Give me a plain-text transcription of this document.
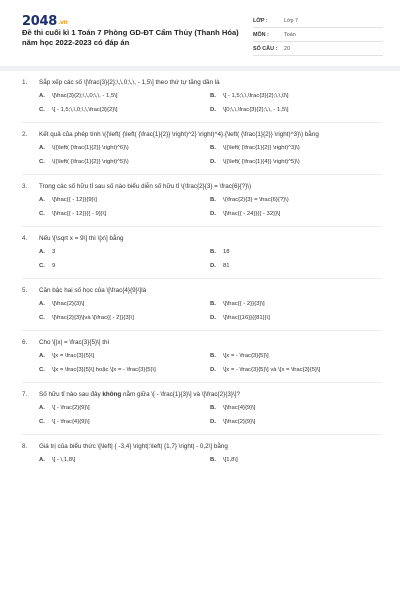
2048.vn
Đề thi cuối kì 1 Toán 7 Phòng GD-ĐT Cẩm Thủy (Thanh Hóa) năm học 2022-2023 có đáp án
LỚP :	Lớp 7
MÔN :	Toán
SỐ CÂU :	20
1.	Sắp xếp các số \[\frac{3}{2};\,\,0;\,\, - 1,5\] theo thứ tự tăng dần là
A.	\[\frac{3}{2};\,\,0;\,\, - 1,5\]	B.	\[ - 1,5;\,\,\frac{3}{2};\,\,0\]
C.	\[ - 1,5;\,\,0;\,\,\frac{3}{2}\]	D.	\[0;\,\,\frac{3}{2};\,\, - 1,5\]
2.	Kết quả của phép tính \({\left( {\left( {\frac{1}{2}} \right)^2} \right)^4}.{\left( {\frac{1}{2}} \right)^3}\) bằng
A.	\({\left( {\frac{1}{2}} \right)^6}\)	B.	\({\left( {\frac{1}{2}} \right)^3}\)
C.	\({\left( {\frac{1}{2}} \right)^5}\)	D.	\({\left( {\frac{1}{4}} \right)^5}\)
3.	Trong các số hữu tỉ sau số nào biểu diễn số hữu tỉ \(\frac{2}{3} = \frac{6}{?}\)
A.	\[\frac{{ - 12}}{9}\]	B.	\(\frac{2}{3} = \frac{6}{?}\)
C.	\[\frac{{ - 12}}{{ - 9}}\]	D.	\[\frac{{ - 24}}{{ - 32}}\]
4.	Nếu \[\sqrt x = 9\] thì \[x\] bằng
A.	3	B.	18
C.	9	D.	81
5.	Căn bậc hai số học của \[\frac{4}{9}\]là
A.	\[\frac{2}{3}\]	B.	\[\frac{{ - 2}}{3}\]
C.	\[\frac{2}{3}\]và \[\frac{{ - 2}}{3}\]	D.	\[\frac{{16}}{{81}}\]
6.	Cho \[|x| = \frac{3}{5}\] thì
A.	\[x = \frac{3}{5}\]	B.	\[x = - \frac{3}{5}\]
C.	\[x = \frac{3}{5}\] hoặc \[x = - \frac{3}{5}\]	D.	\[x = - \frac{3}{5}\] và \[x = \frac{3}{5}\]
7.	Số hữu tỉ nào sau đây không nằm giữa \[ - \frac{1}{3}\] và \[\frac{2}{3}\]?
A.	\[ - \frac{2}{9}\]	B.	\[\frac{4}{9}\]
C.	\[ - \frac{4}{9}\]	D.	\[\frac{2}{9}\]
8.	Giá trị của biểu thức \[\left| { -3,4} \right|:\left| {1,7} \right| - 0,2\] bằng
A.	\[ - \,1,8\]	B.	\[1,8\]
